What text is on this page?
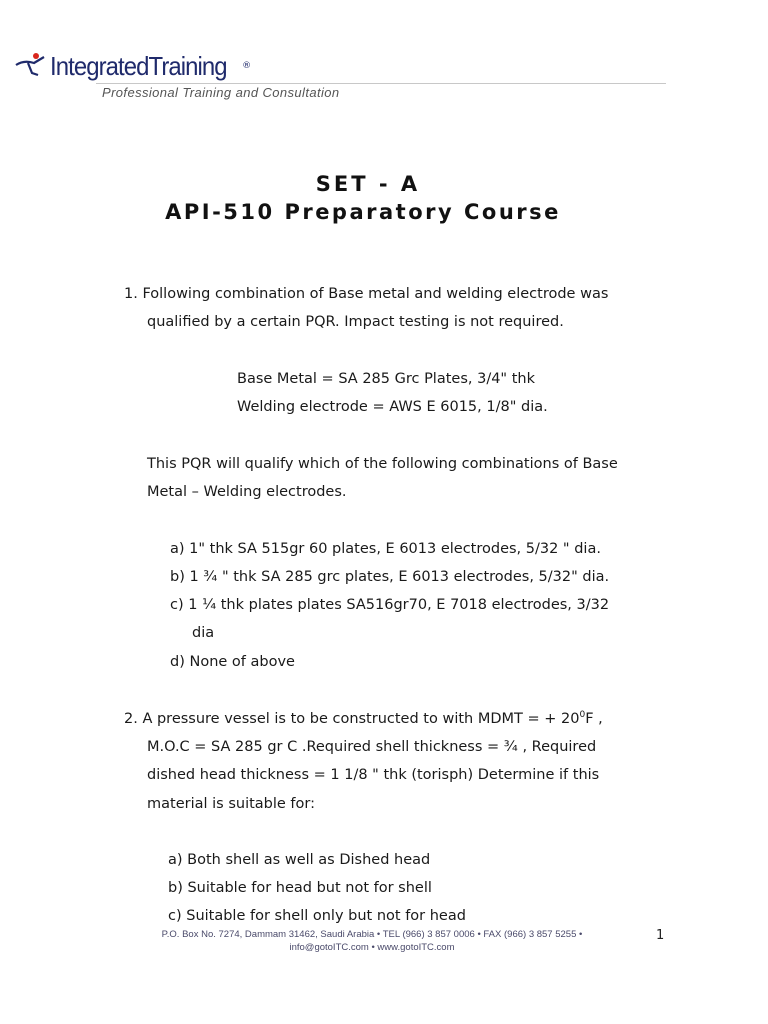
IntegratedTraining ®
Professional Training and Consultation
SET - A
API-510 Preparatory Course
1. Following combination of Base metal and welding electrode was
qualified by a certain PQR. Impact testing is not required.
Base Metal = SA 285 Grc Plates, 3/4" thk
Welding electrode = AWS E 6015, 1/8" dia.
This PQR will qualify which of the following combinations of Base
Metal – Welding electrodes.
a) 1" thk SA 515gr 60 plates, E 6013 electrodes, 5/32 " dia.
b) 1 ¾ " thk SA 285 grc plates, E 6013 electrodes, 5/32" dia.
c) 1 ¼ thk plates plates SA516gr70, E 7018 electrodes, 3/32
dia
d) None of above
2. A pressure vessel is to be constructed to with MDMT = + $20^0F$ ,
M.O.C = SA 285 gr C .Required shell thickness = ¾ , Required
dished head thickness = 1 1/8 " thk (torisph) Determine if this
material is suitable for:
a) Both shell as well as Dished head
b) Suitable for head but not for shell
c) Suitable for shell only but not for head
P.O. Box No. 7274, Dammam 31462, Saudi Arabia • TEL (966) 3 857 0006 • FAX (966) 3 857 5255 •
info@gotoITC.com • www.gotoITC.com
1
